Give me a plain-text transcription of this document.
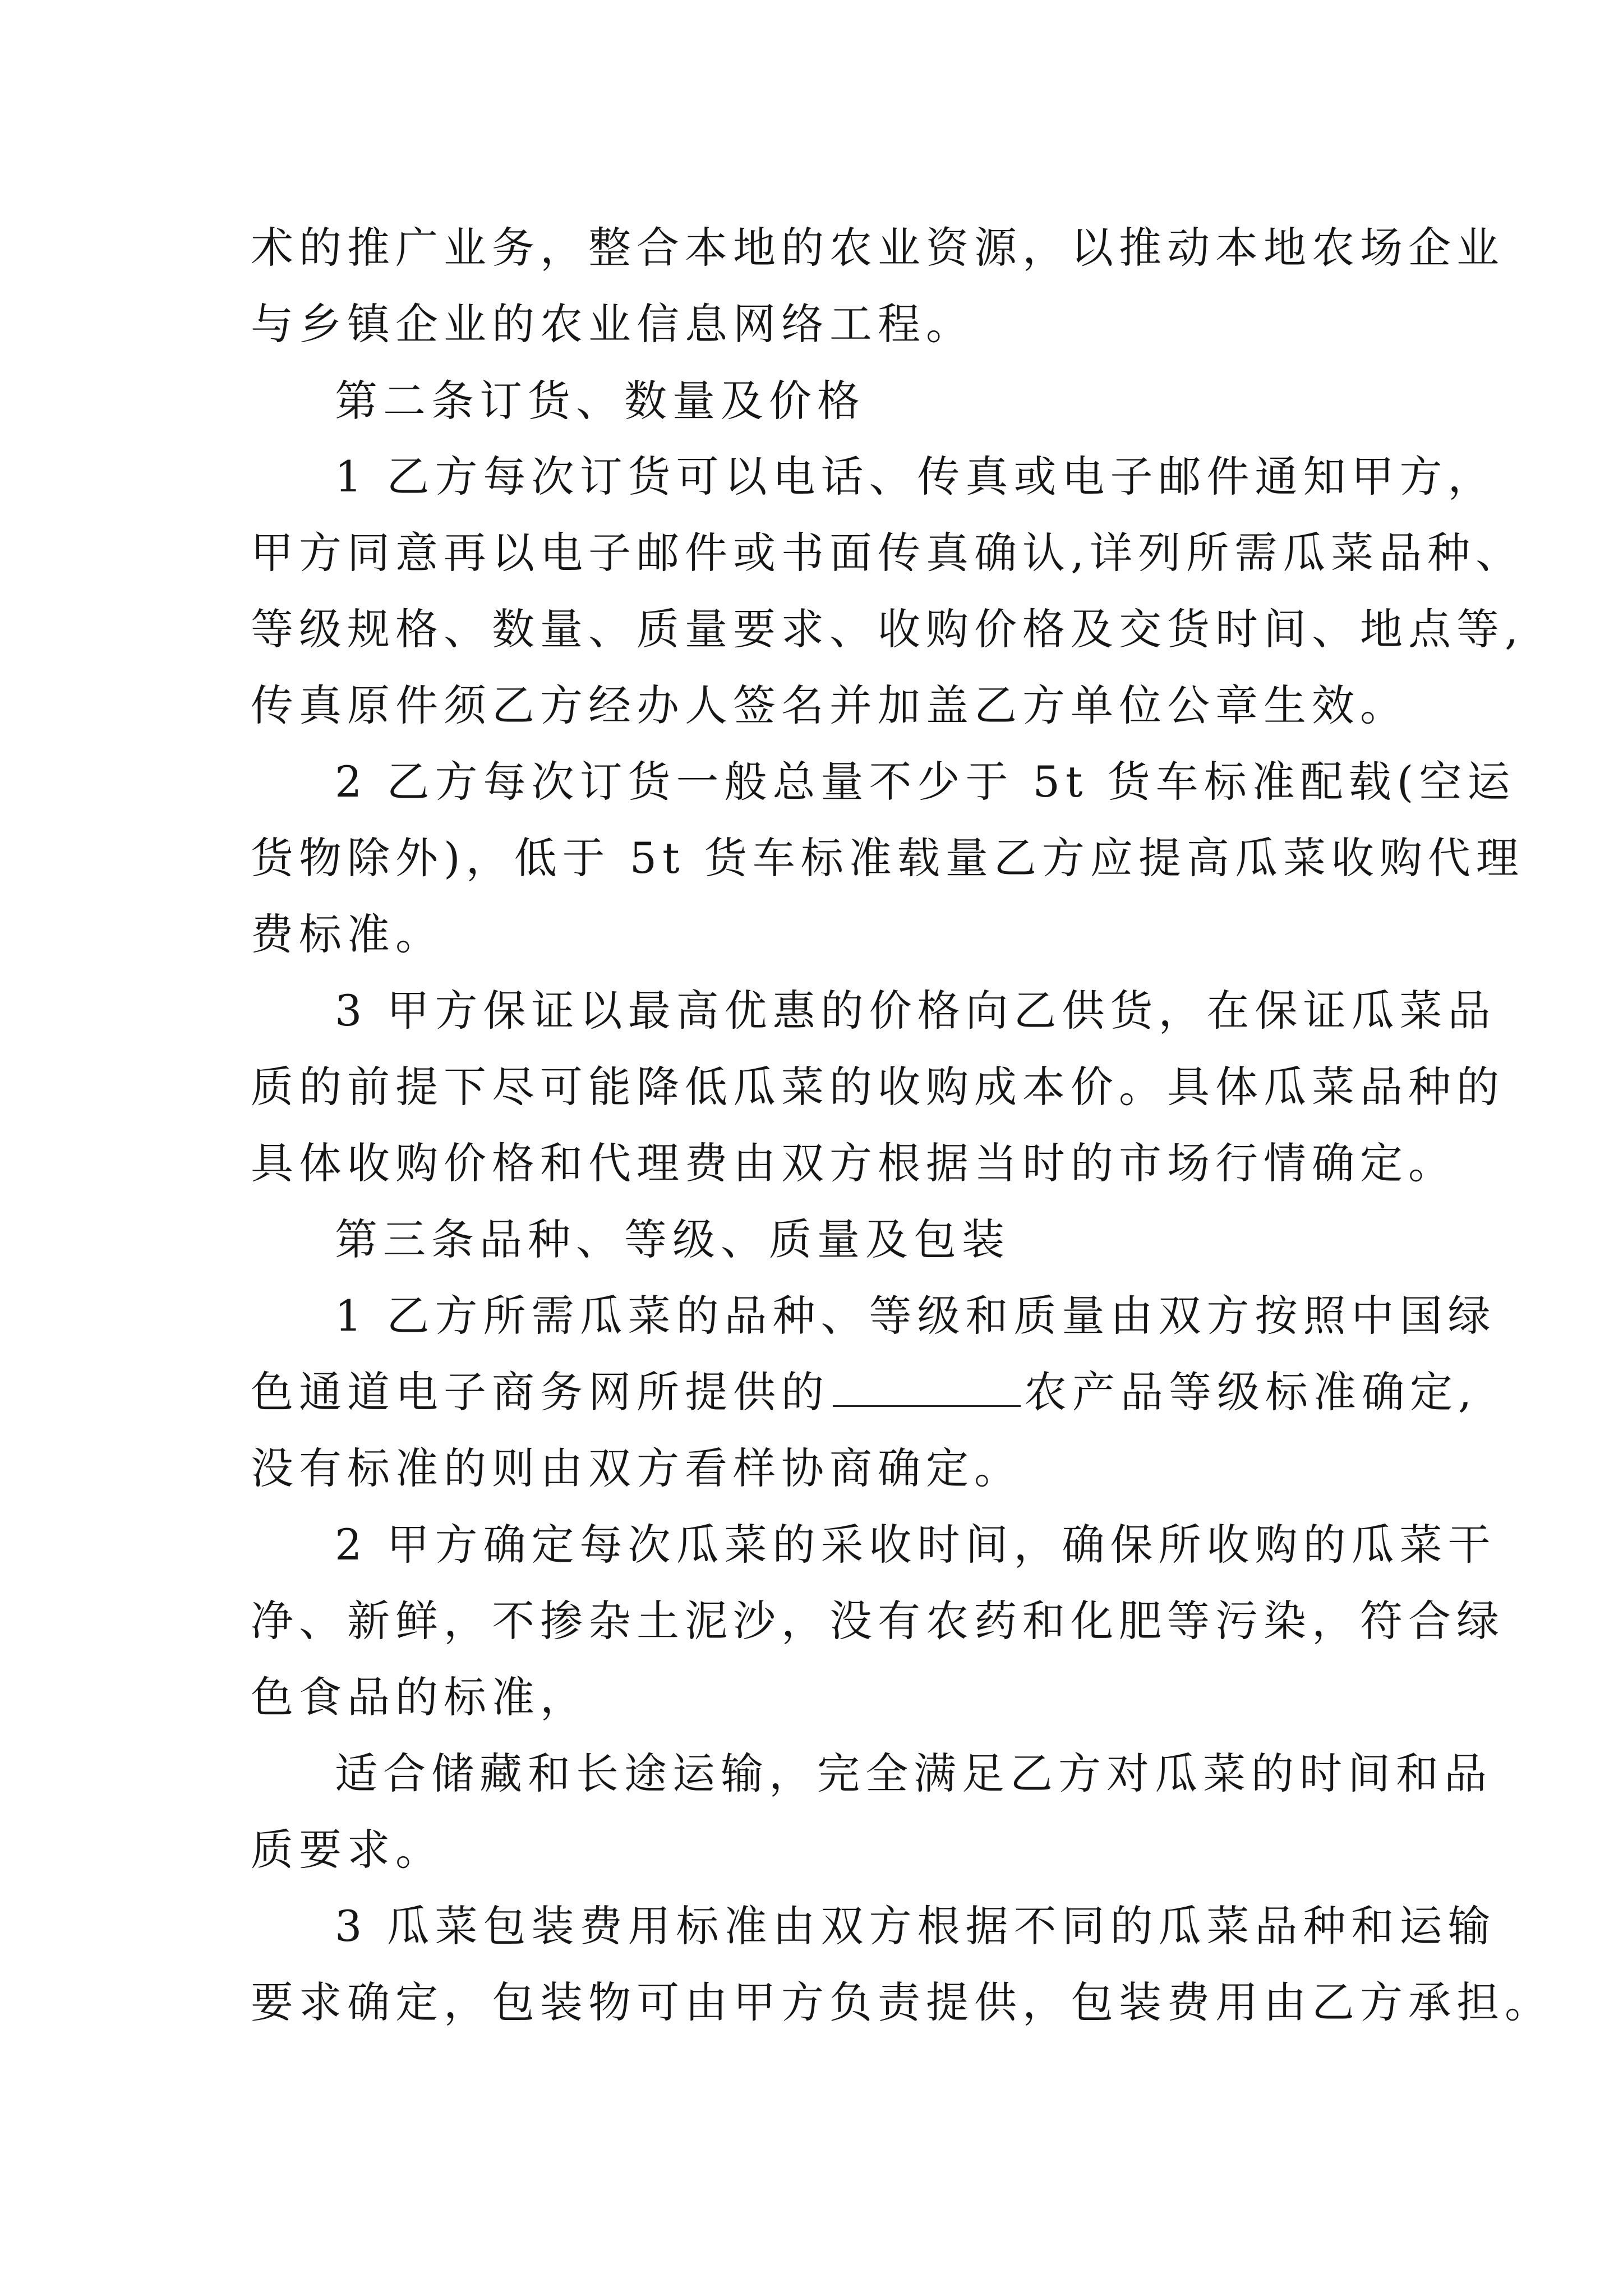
术的推广业务，整合本地的农业资源，以推动本地农场企业
与乡镇企业的农业信息网络工程。
第二条订货、数量及价格
1 乙方每次订货可以电话、传真或电子邮件通知甲方，
甲方同意再以电子邮件或书面传真确认,详列所需瓜菜品种、
等级规格、数量、质量要求、收购价格及交货时间、地点等,
传真原件须乙方经办人签名并加盖乙方单位公章生效。
2 乙方每次订货一般总量不少于 5t 货车标准配载(空运
货物除外)，低于 5t 货车标准载量乙方应提高瓜菜收购代理
费标准。
3 甲方保证以最高优惠的价格向乙供货，在保证瓜菜品
质的前提下尽可能降低瓜菜的收购成本价。具体瓜菜品种的
具体收购价格和代理费由双方根据当时的市场行情确定。
第三条品种、等级、质量及包装
1 乙方所需瓜菜的品种、等级和质量由双方按照中国绿
色通道电子商务网所提供的	农产品等级标准确定,
没有标准的则由双方看样协商确定。
2 甲方确定每次瓜菜的采收时间，确保所收购的瓜菜干
净、新鲜，不掺杂土泥沙，没有农药和化肥等污染，符合绿
色食品的标准，
适合储藏和长途运输，完全满足乙方对瓜菜的时间和品
质要求。
3 瓜菜包装费用标准由双方根据不同的瓜菜品种和运输
要求确定，包装物可由甲方负责提供，包装费用由乙方承担。
